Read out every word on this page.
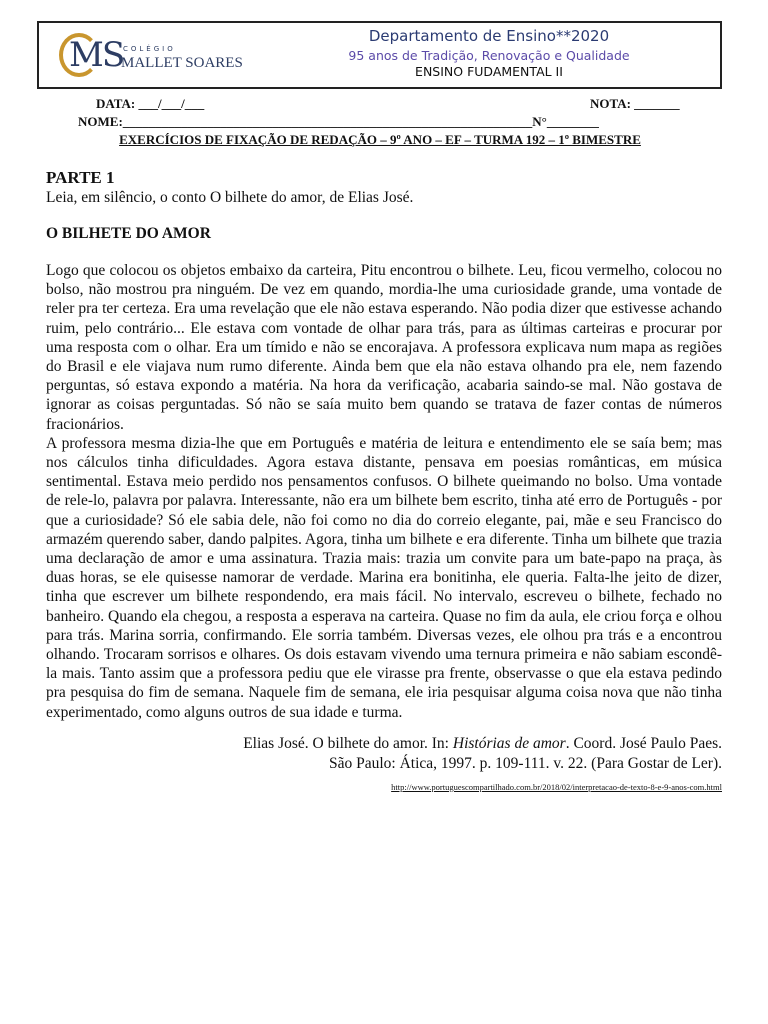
MS COLÉGIO
MALLET SOARES
Departamento de Ensino**2020
95 anos de Tradição, Renovação e Qualidade
ENSINO FUDAMENTAL II
DATA: ___/___/___	NOTA: _______
NOME:_______________________________________________________________N°________
EXERCÍCIOS DE FIXAÇÃO DE REDAÇÃO – 9º ANO – EF – TURMA 192 – 1º BIMESTRE
PARTE 1
Leia, em silêncio, o conto O bilhete do amor, de Elias José.
O BILHETE DO AMOR

Logo que colocou os objetos embaixo da carteira, Pitu encontrou o bilhete. Leu, ficou vermelho, colocou no bolso, não mostrou pra ninguém. De vez em quando, mordia-lhe uma curiosidade grande, uma vontade de reler pra ter certeza. Era uma revelação que ele não estava esperando. Não podia dizer que estivesse achando ruim, pelo contrário... Ele estava com vontade de olhar para trás, para as últimas carteiras e procurar por uma resposta com o olhar. Era um tímido e não se encorajava. A professora explicava num mapa as regiões do Brasil e ele viajava num rumo diferente. Ainda bem que ela não estava olhando pra ele, nem fazendo perguntas, só estava expondo a matéria. Na hora da verificação, acabaria saindo-se mal. Não gostava de ignorar as coisas perguntadas. Só não se saía muito bem quando se tratava de fazer contas de números fracionários.

A professora mesma dizia-lhe que em Português e matéria de leitura e entendimento ele se saía bem; mas nos cálculos tinha dificuldades. Agora estava distante, pensava em poesias românticas, em música sentimental. Estava meio perdido nos pensamentos confusos. O bilhete queimando no bolso. Uma vontade de rele-lo, palavra por palavra. Interessante, não era um bilhete bem escrito, tinha até erro de Português - por que a curiosidade? Só ele sabia dele, não foi como no dia do correio elegante, pai, mãe e seu Francisco do armazém querendo saber, dando palpites. Agora, tinha um bilhete e era diferente. Tinha um bilhete que trazia uma declaração de amor e uma assinatura. Trazia mais: trazia um convite para um bate-papo na praça, às duas horas, se ele quisesse namorar de verdade. Marina era bonitinha, ele queria. Falta-lhe jeito de dizer, tinha que escrever um bilhete respondendo, era mais fácil. No intervalo, escreveu o bilhete, fechado no banheiro. Quando ela chegou, a resposta a esperava na carteira. Quase no fim da aula, ele criou força e olhou para trás. Marina sorria, confirmando. Ele sorria também. Diversas vezes, ele olhou pra trás e a encontrou olhando. Trocaram sorrisos e olhares. Os dois estavam vivendo uma ternura primeira e não sabiam escondê-la mais. Tanto assim que a professora pediu que ele virasse pra frente, observasse o que ela estava pedindo pra pesquisa do fim de semana. Naquele fim de semana, ele iria pesquisar alguma coisa nova que não tinha experimentado, como alguns outros de sua idade e turma.

Elias José. O bilhete do amor. In: Histórias de amor. Coord. José Paulo Paes.
São Paulo: Ática, 1997. p. 109-111. v. 22. (Para Gostar de Ler).
http://www.portuguescompartilhado.com.br/2018/02/interpretacao-de-texto-8-e-9-anos-com.html
